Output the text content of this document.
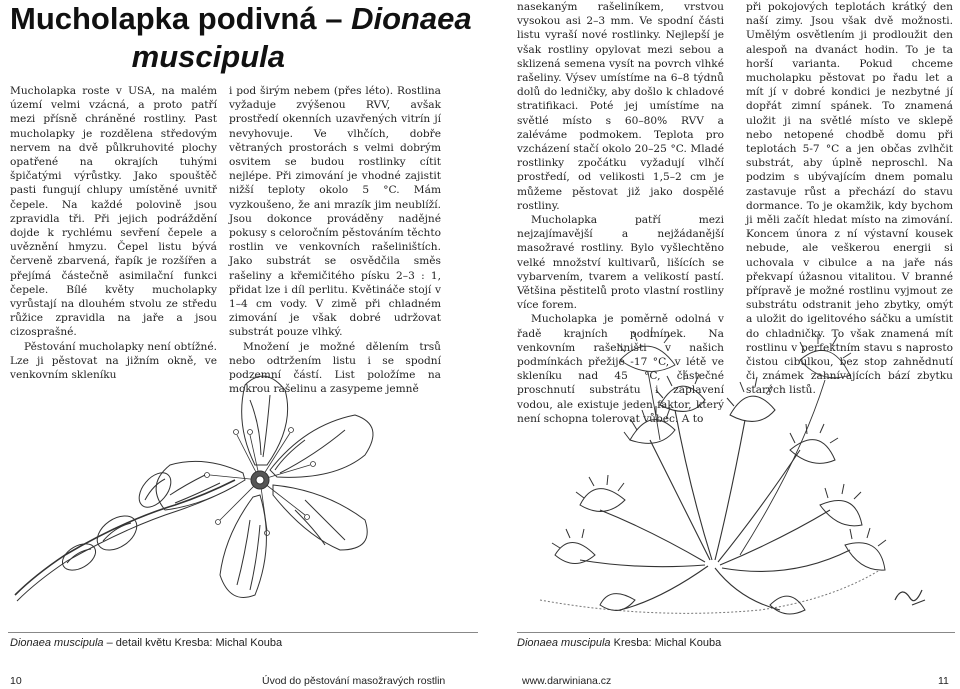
Mucholapka podivná – Dionaea
muscipula

Mucholapka roste v USA, na malém území velmi vzácná, a proto patří mezi přísně chráněné rostliny. Past mucholapky je rozdělena středovým nervem na dvě půlkruhovité plochy opatřené na okrajích tuhými špičatými výrůstky. Jako spouštěč pasti fungují chlupy umístěné uvnitř čepele. Na každé polovině jsou zpravidla tři. Při jejich podráždění dojde k rychlému sevření čepele a uvěznění hmyzu. Čepel listu bývá červeně zbarvená, řapík je rozšířen a přejímá částečně asimilační funkci čepele. Bílé květy mucholapky vyrůstají na dlouhém stvolu ze středu růžice zpravidla na jaře a jsou cizosprašné.

Pěstování mucholapky není obtížné. Lze ji pěstovat na jižním okně, ve venkovním skleníku

i pod širým nebem (přes léto). Rostlina vyžaduje zvýšenou RVV, avšak prostředí okenních uzavřených vitrín jí nevyhovuje. Ve vlhčích, dobře větraných prostorách s velmi dobrým osvitem se budou rostlinky cítit nejlépe. Při zimování je vhodné zajistit nižší teploty okolo 5 °C. Mám vyzkoušeno, že ani mrazík jim neublíží. Jsou dokonce prováděny nadějné pokusy s celoročním pěstováním těchto rostlin ve venkovních rašeliništích. Jako substrát se osvědčila směs rašeliny a křemičitého písku 2–3 : 1, přidat lze i díl perlitu. Květináče stojí v 1–4 cm vody. V zimě při chladném zimování je však dobré udržovat substrát pouze vlhký.

Množení je možné dělením trsů nebo odtržením listu i se spodní podzemní částí. List položíme na mokrou rašelinu a zasypeme jemně

nasekaným rašeliníkem, vrstvou vysokou asi 2–3 mm. Ve spodní části listu vyraší nové rostlinky. Nejlepší je však rostliny opylovat mezi sebou a sklizená semena vysít na povrch vlhké rašeliny. Výsev umístíme na 6–8 týdnů dolů do ledničky, aby došlo k chladové stratifikaci. Poté jej umístíme na světlé místo s 60–80% RVV a zaléváme podmokem. Teplota pro vzcházení stačí okolo 20–25 °C. Mladé rostlinky zpočátku vyžadují vlhčí prostředí, od velikosti 1,5–2 cm je můžeme pěstovat již jako dospělé rostliny.

Mucholapka patří mezi nejzajímavější a nejžádanější masožravé rostliny. Bylo vyšlechtěno velké množství kultivarů, lišících se vybarvením, tvarem a velikostí pastí. Většina pěstitelů proto vlastní rostliny více forem.

Mucholapka je poměrně odolná v řadě krajních podmínek. Na venkovním rašeliništi v našich podmínkách přežije -17 °C, v létě ve skleníku nad 45 °C, částečné proschnutí substrátu i zaplavení vodou, ale existuje jeden faktor, který není schopna tolerovat vůbec. A to

při pokojových teplotách krátký den naší zimy. Jsou však dvě možnosti. Umělým osvětlením ji prodloužit den alespoň na dvanáct hodin. To je ta horší varianta. Pokud chceme mucholapku pěstovat po řadu let a mít jí v dobré kondici je nezbytné jí dopřát zimní spánek. To znamená uložit ji na světlé místo ve sklepě nebo netopené chodbě domu při teplotách 5-7 °C a jen občas zvlhčit substrát, aby úplně neproschl. Na podzim s ubývajícím dnem pomalu zastavuje růst a přechází do stavu dormance. To je okamžik, kdy bychom ji měli začít hledat místo na zimování. Koncem února z ní výstavní kousek nebude, ale veškerou energii si uchovala v cibulce a na jaře nás překvapí úžasnou vitalitou. V branné přípravě je možné rostlinu vyjmout ze substrátu odstranit jeho zbytky, omýt a uložit do igelitového sáčku a umístit do chladničky. To však znamená mít rostlinu v perfektním stavu s naprosto čistou cibulkou, bez stop zahnědnutí či známek zahnívajících bází zbytku starých listů.

Dionaea muscipula – detail květu Kresba: Michal Kouba	Dionaea muscipula Kresba: Michal Kouba
10	Úvod do pěstování masožravých rostlin	www.darwiniana.cz	11
